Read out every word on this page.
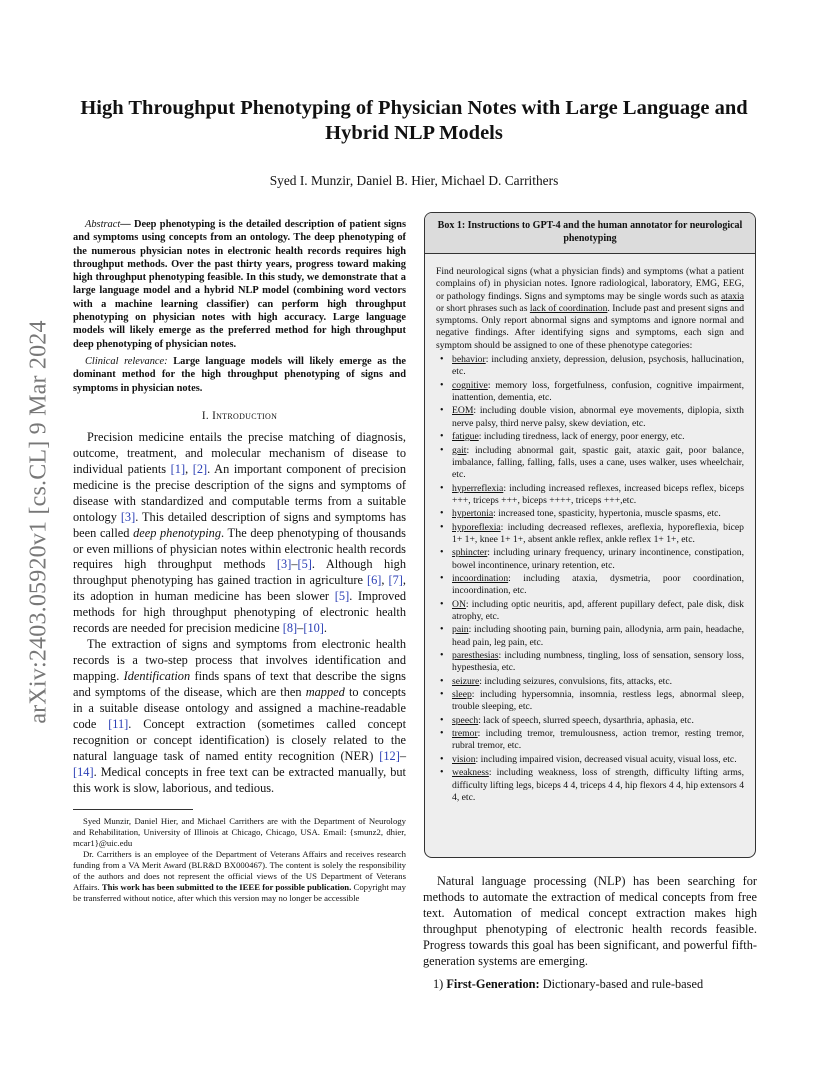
arXiv:2403.05920v1 [cs.CL] 9 Mar 2024
High Throughput Phenotyping of Physician Notes with Large Language and Hybrid NLP Models

Syed I. Munzir, Daniel B. Hier, Michael D. Carrithers

Abstract— Deep phenotyping is the detailed description of patient signs and symptoms using concepts from an ontology. The deep phenotyping of the numerous physician notes in electronic health records requires high throughput methods. Over the past thirty years, progress toward making high throughput phenotyping feasible. In this study, we demonstrate that a large language model and a hybrid NLP model (combining word vectors with a machine learning classifier) can perform high throughput phenotyping on physician notes with high accuracy. Large language models will likely emerge as the preferred method for high throughput deep phenotyping of physician notes.

Clinical relevance: Large language models will likely emerge as the dominant method for the high throughput phenotyping of signs and symptoms in physician notes.

I. Introduction

Precision medicine entails the precise matching of diagnosis, outcome, treatment, and molecular mechanism of disease to individual patients [1], [2]. An important component of precision medicine is the precise description of the signs and symptoms of disease with standardized and computable terms from a suitable ontology [3]. This detailed description of signs and symptoms has been called deep phenotyping. The deep phenotyping of thousands or even millions of physician notes within electronic health records requires high throughput methods [3]–[5]. Although high throughput phenotyping has gained traction in agriculture [6], [7], its adoption in human medicine has been slower [5]. Improved methods for high throughput phenotyping of electronic health records are needed for precision medicine [8]–[10].

The extraction of signs and symptoms from electronic health records is a two-step process that involves identification and mapping. Identification finds spans of text that describe the signs and symptoms of the disease, which are then mapped to concepts in a suitable disease ontology and assigned a machine-readable code [11]. Concept extraction (sometimes called concept recognition or concept identification) is closely related to the natural language task of named entity recognition (NER) [12]–[14]. Medical concepts in free text can be extracted manually, but this work is slow, laborious, and tedious.

Syed Munzir, Daniel Hier, and Michael Carrithers are with the Department of Neurology and Rehabilitation, University of Illinois at Chicago, Chicago, USA. Email: {smunz2, dhier, mcar1}@uic.edu

Dr. Carrithers is an employee of the Department of Veterans Affairs and receives research funding from a VA Merit Award (BLR&D BX000467). The content is solely the responsibility of the authors and does not represent the official views of the US Department of Veterans Affairs. This work has been submitted to the IEEE for possible publication. Copyright may be transferred without notice, after which this version may no longer be accessible

Box 1: Instructions to GPT-4 and the human annotator for neurological phenotyping

Find neurological signs (what a physician finds) and symptoms (what a patient complains of) in physician notes. Ignore radiological, laboratory, EMG, EEG, or pathology findings. Signs and symptoms may be single words such as ataxia or short phrases such as lack of coordination. Include past and present signs and symptoms. Only report abnormal signs and symptoms and ignore normal and negative findings. After identifying signs and symptoms, each sign and symptom should be assigned to one of these phenotype categories:

• behavior: including anxiety, depression, delusion, psychosis, hallucination, etc.
• cognitive: memory loss, forgetfulness, confusion, cognitive impairment, inattention, dementia, etc.
• EOM: including double vision, abnormal eye movements, diplopia, sixth nerve palsy, third nerve palsy, skew deviation, etc.
• fatigue: including tiredness, lack of energy, poor energy, etc.
• gait: including abnormal gait, spastic gait, ataxic gait, poor balance, imbalance, falling, falling, falls, uses a cane, uses walker, uses wheelchair, etc.
• hyperreflexia: including increased reflexes, increased biceps reflex, biceps +++, triceps +++, biceps ++++, triceps +++,etc.
• hypertonia: increased tone, spasticity, hypertonia, muscle spasms, etc.
• hyporeflexia: including decreased reflexes, areflexia, hyporeflexia, bicep 1+ 1+, knee 1+ 1+, absent ankle reflex, ankle reflex 1+ 1+, etc.
• sphincter: including urinary frequency, urinary incontinence, constipation, bowel incontinence, urinary retention, etc.
• incoordination: including ataxia, dysmetria, poor coordination, incoordination, etc.
• ON: including optic neuritis, apd, afferent pupillary defect, pale disk, disk atrophy, etc.
• pain: including shooting pain, burning pain, allodynia, arm pain, headache, head pain, leg pain, etc.
• paresthesias: including numbness, tingling, loss of sensation, sensory loss, hypesthesia, etc.
• seizure: including seizures, convulsions, fits, attacks, etc.
• sleep: including hypersomnia, insomnia, restless legs, abnormal sleep, trouble sleeping, etc.
• speech: lack of speech, slurred speech, dysarthria, aphasia, etc.
• tremor: including tremor, tremulousness, action tremor, resting tremor, rubral tremor, etc.
• vision: including impaired vision, decreased visual acuity, visual loss, etc.
• weakness: including weakness, loss of strength, difficulty lifting arms, difficulty lifting legs, biceps 4 4, triceps 4 4, hip flexors 4 4, hip extensors 4 4, etc.

Natural language processing (NLP) has been searching for methods to automate the extraction of medical concepts from free text. Automation of medical concept extraction makes high throughput phenotyping of electronic health records feasible. Progress towards this goal has been significant, and powerful fifth-generation systems are emerging.

1) First-Generation: Dictionary-based and rule-based
